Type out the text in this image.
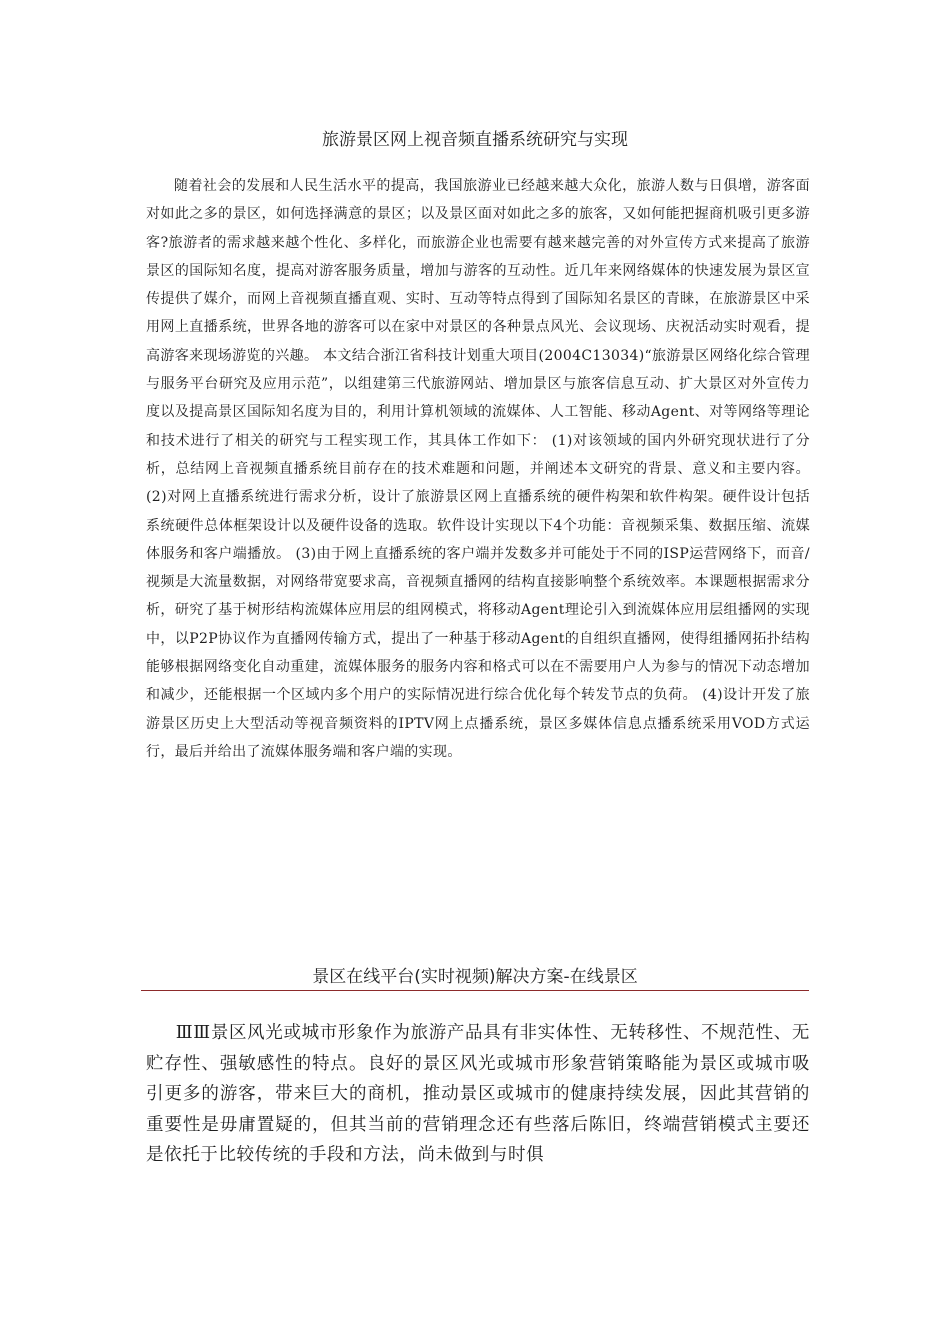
旅游景区网上视音频直播系统研究与实现

随着社会的发展和人民生活水平的提高，我国旅游业已经越来越大众化，旅游人数与日俱增，游客面对如此之多的景区，如何选择满意的景区；以及景区面对如此之多的旅客，又如何能把握商机吸引更多游客?旅游者的需求越来越个性化、多样化，而旅游企业也需要有越来越完善的对外宣传方式来提高了旅游景区的国际知名度，提高对游客服务质量，增加与游客的互动性。近几年来网络媒体的快速发展为景区宣传提供了媒介，而网上音视频直播直观、实时、互动等特点得到了国际知名景区的青睐，在旅游景区中采用网上直播系统，世界各地的游客可以在家中对景区的各种景点风光、会议现场、庆祝活动实时观看，提高游客来现场游览的兴趣。 本文结合浙江省科技计划重大项目(2004C13034)“旅游景区网络化综合管理与服务平台研究及应用示范”，以组建第三代旅游网站、增加景区与旅客信息互动、扩大景区对外宣传力度以及提高景区国际知名度为目的，利用计算机领域的流媒体、人工智能、移动Agent、对等网络等理论和技术进行了相关的研究与工程实现工作，其具体工作如下： (1)对该领域的国内外研究现状进行了分析，总结网上音视频直播系统目前存在的技术难题和问题，并阐述本文研究的背景、意义和主要内容。 (2)对网上直播系统进行需求分析，设计了旅游景区网上直播系统的硬件构架和软件构架。硬件设计包括系统硬件总体框架设计以及硬件设备的选取。软件设计实现以下4个功能：音视频采集、数据压缩、流媒体服务和客户端播放。 (3)由于网上直播系统的客户端并发数多并可能处于不同的ISP运营网络下，而音/视频是大流量数据，对网络带宽要求高，音视频直播网的结构直接影响整个系统效率。本课题根据需求分析，研究了基于树形结构流媒体应用层的组网模式，将移动Agent理论引入到流媒体应用层组播网的实现中，以P2P协议作为直播网传输方式，提出了一种基于移动Agent的自组织直播网，使得组播网拓扑结构能够根据网络变化自动重建，流媒体服务的服务内容和格式可以在不需要用户人为参与的情况下动态增加和减少，还能根据一个区域内多个用户的实际情况进行综合优化每个转发节点的负荷。 (4)设计开发了旅游景区历史上大型活动等视音频资料的IPTV网上点播系统，景区多媒体信息点播系统采用VOD方式运行，最后并给出了流媒体服务端和客户端的实现。

景区在线平台(实时视频)解决方案-在线景区

ⅢⅢ景区风光或城市形象作为旅游产品具有非实体性、无转移性、不规范性、无贮存性、强敏感性的特点。良好的景区风光或城市形象营销策略能为景区或城市吸引更多的游客，带来巨大的商机，推动景区或城市的健康持续发展，因此其营销的重要性是毋庸置疑的，但其当前的营销理念还有些落后陈旧，终端营销模式主要还是依托于比较传统的手段和方法，尚未做到与时俱
